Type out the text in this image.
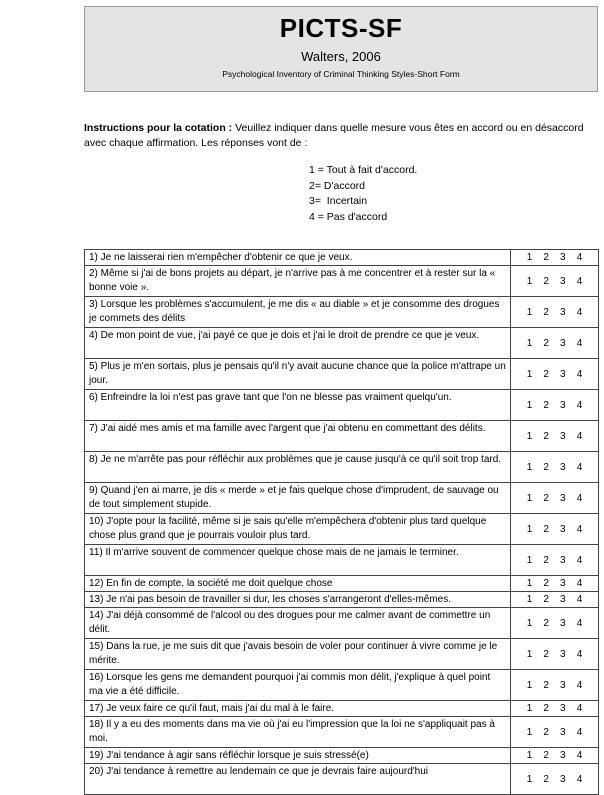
PICTS-SF
Walters, 2006
Psychological Inventory of Criminal Thinking Styles-Short Form
Instructions pour la cotation : Veuillez indiquer dans quelle mesure vous êtes en accord ou en désaccord avec chaque affirmation. Les réponses vont de :
1 = Tout à fait d'accord.
2= D'accord
3=  Incertain
4 = Pas d'accord
1) Je ne laisserai rien m'empêcher d'obtenir ce que je veux.	1    2    3    4
2) Même si j'ai de bons projets au départ, je n'arrive pas à me concentrer et à rester sur la « bonne voie ».	1    2    3    4
3) Lorsque les problèmes s'accumulent, je me dis « au diable » et je consomme des drogues je commets des délits	1    2    3    4
4) De mon point de vue, j'ai payé ce que je dois et j'ai le droit de prendre ce que je veux.	1    2    3    4
5) Plus je m'en sortais, plus je pensais qu'il n'y avait aucune chance que la police m'attrape un jour.	1    2    3    4
6) Enfreindre la loi n'est pas grave tant que l'on ne blesse pas vraiment quelqu'un.	1    2    3    4
7) J'ai aidé mes amis et ma famille avec l'argent que j'ai obtenu en commettant des délits.	1    2    3    4
8) Je ne m'arrête pas pour réfléchir aux problèmes que je cause jusqu'à ce qu'il soit trop tard.	1    2    3    4
9) Quand j'en ai marre, je dis « merde » et je fais quelque chose d'imprudent, de sauvage ou de tout simplement stupide.	1    2    3    4
10) J'opte pour la facilité, même si je sais qu'elle m'empêchera d'obtenir plus tard quelque chose plus grand que je pourrais vouloir plus tard.	1    2    3    4
11) Il m'arrive souvent de commencer quelque chose mais de ne jamais le terminer.	1    2    3    4
12) En fin de compte, la société me doit quelque chose	1    2    3    4
13) Je n'ai pas besoin de travailler si dur, les choses s'arrangeront d'elles-mêmes.	1    2    3    4
14) J'ai déjà consommé de l'alcool ou des drogues pour me calmer avant de commettre un délit.	1    2    3    4
15) Dans la rue, je me suis dit que j'avais besoin de voler pour continuer à vivre comme je le mérite.	1    2    3    4
16) Lorsque les gens me demandent pourquoi j'ai commis mon délit, j'explique à quel point ma vie a été difficile.	1    2    3    4
17) Je veux faire ce qu'il faut, mais j'ai du mal à le faire.	1    2    3    4
18) Il y a eu des moments dans ma vie où j'ai eu l'impression que la loi ne s'appliquait pas à moi.	1    2    3    4
19) J'ai tendance à agir sans réfléchir lorsque je suis stressé(e)	1    2    3    4
20) J'ai tendance à remettre au lendemain ce que je devrais faire aujourd'hui	1    2    3    4
